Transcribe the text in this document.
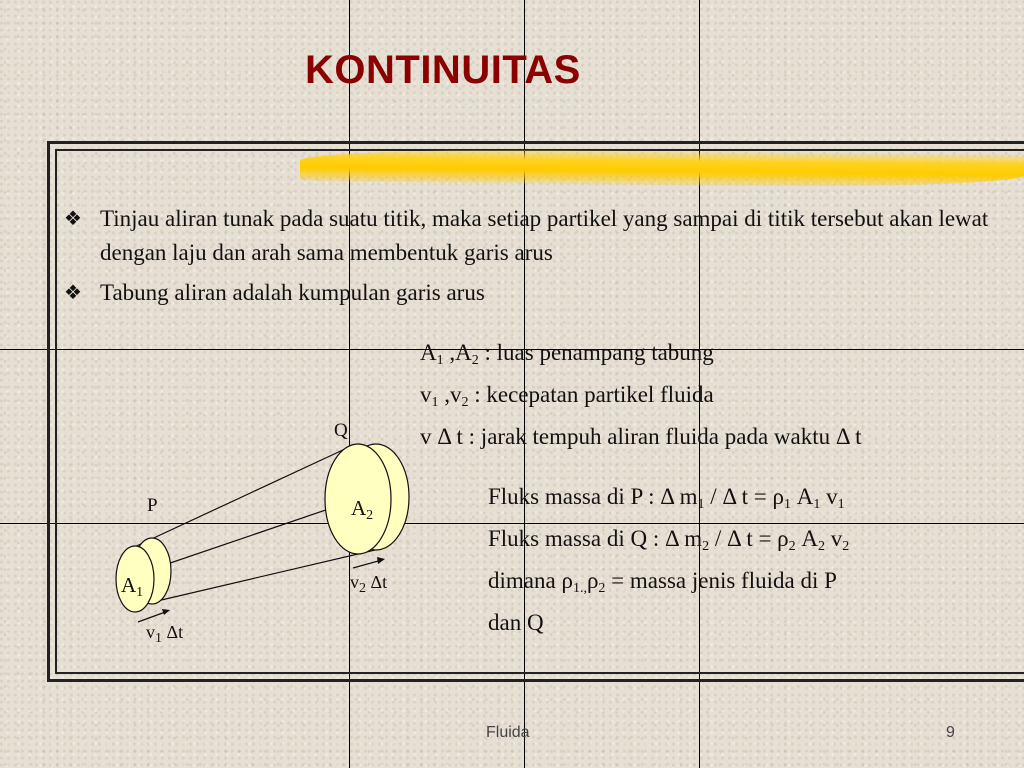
KONTINUITAS
❖ Tinjau aliran tunak pada suatu titik, maka setiap partikel yang sampai di titik tersebut akan lewat dengan laju dan arah sama membentuk garis arus
❖ Tabung aliran adalah kumpulan garis arus
$A_1$ $,A_2$ : luas penampang tabung
$v_1$ $,v_2$ : kecepatan partikel fluida
v Δ t : jarak tempuh aliran fluida pada waktu Δ t
Fluks massa di P : Δ $m_1$ / Δ $t = \rho_1$ $A_1$ $v_1$
Fluks massa di Q : Δ $m_2$ / Δ $t = \rho_2$ $A_2$ $v_2$
dimana $\rho_{1.,}\rho_2$ = massa jenis fluida di P
dan Q
P
Q
$A_1$
$A_2$
$v_1$ Δt
$v_2$ Δt
Fluida	9
